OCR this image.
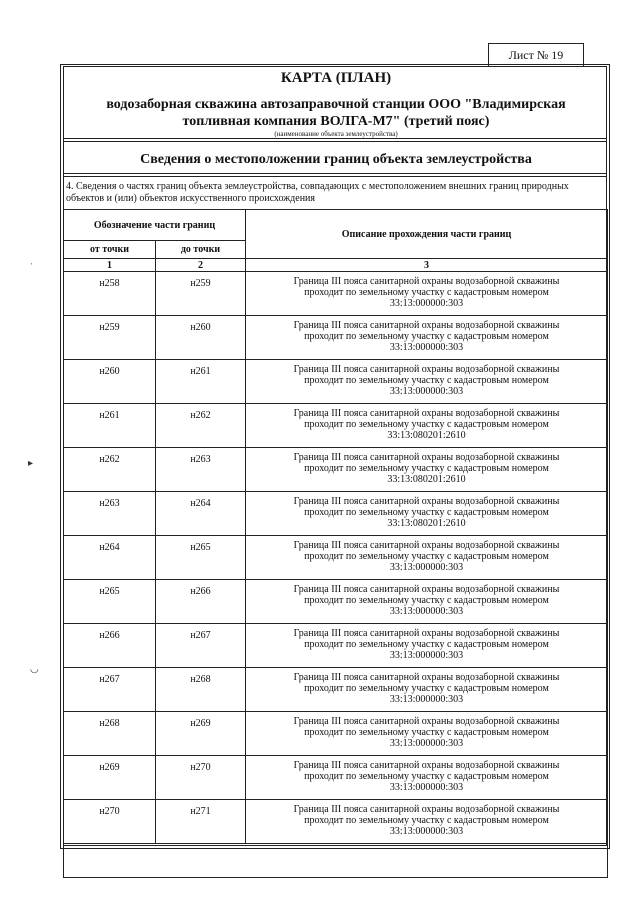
Лист № 19
КАРТА (ПЛАН)
водозаборная скважина автозаправочной станции ООО "Владимирская
топливная компания ВОЛГА-М7" (третий пояс)
(наименование объекта землеустройства)
Сведения о местоположении границ объекта землеустройства
4. Сведения о частях границ объекта землеустройства, совпадающих с местоположением внешних границ природных объектов и (или) объектов искусственного происхождения
Обозначение части границ		Описание прохождения части границ
от точки	до точки	
1	2	3
н258	н259	Граница III пояса санитарной охраны водозаборной скважины
проходит по земельному участку с кадастровым номером
33:13:000000:303

н259	н260	Граница III пояса санитарной охраны водозаборной скважины
проходит по земельному участку с кадастровым номером
33:13:000000:303

н260	н261	Граница III пояса санитарной охраны водозаборной скважины
проходит по земельному участку с кадастровым номером
33:13:000000:303

н261	н262	Граница III пояса санитарной охраны водозаборной скважины
проходит по земельному участку с кадастровым номером
33:13:080201:2610

н262	н263	Граница III пояса санитарной охраны водозаборной скважины
проходит по земельному участку с кадастровым номером
33:13:080201:2610

н263	н264	Граница III пояса санитарной охраны водозаборной скважины
проходит по земельному участку с кадастровым номером
33:13:080201:2610

н264	н265	Граница III пояса санитарной охраны водозаборной скважины
проходит по земельному участку с кадастровым номером
33:13:000000:303

н265	н266	Граница III пояса санитарной охраны водозаборной скважины
проходит по земельному участку с кадастровым номером
33:13:000000:303

н266	н267	Граница III пояса санитарной охраны водозаборной скважины
проходит по земельному участку с кадастровым номером
33:13:000000:303

н267	н268	Граница III пояса санитарной охраны водозаборной скважины
проходит по земельному участку с кадастровым номером
33:13:000000:303

н268	н269	Граница III пояса санитарной охраны водозаборной скважины
проходит по земельному участку с кадастровым номером
33:13:000000:303

н269	н270	Граница III пояса санитарной охраны водозаборной скважины
проходит по земельному участку с кадастровым номером
33:13:000000:303

н270	н271	Граница III пояса санитарной охраны водозаборной скважины
проходит по земельному участку с кадастровым номером
33:13:000000:303

ˈ
▸
◡
